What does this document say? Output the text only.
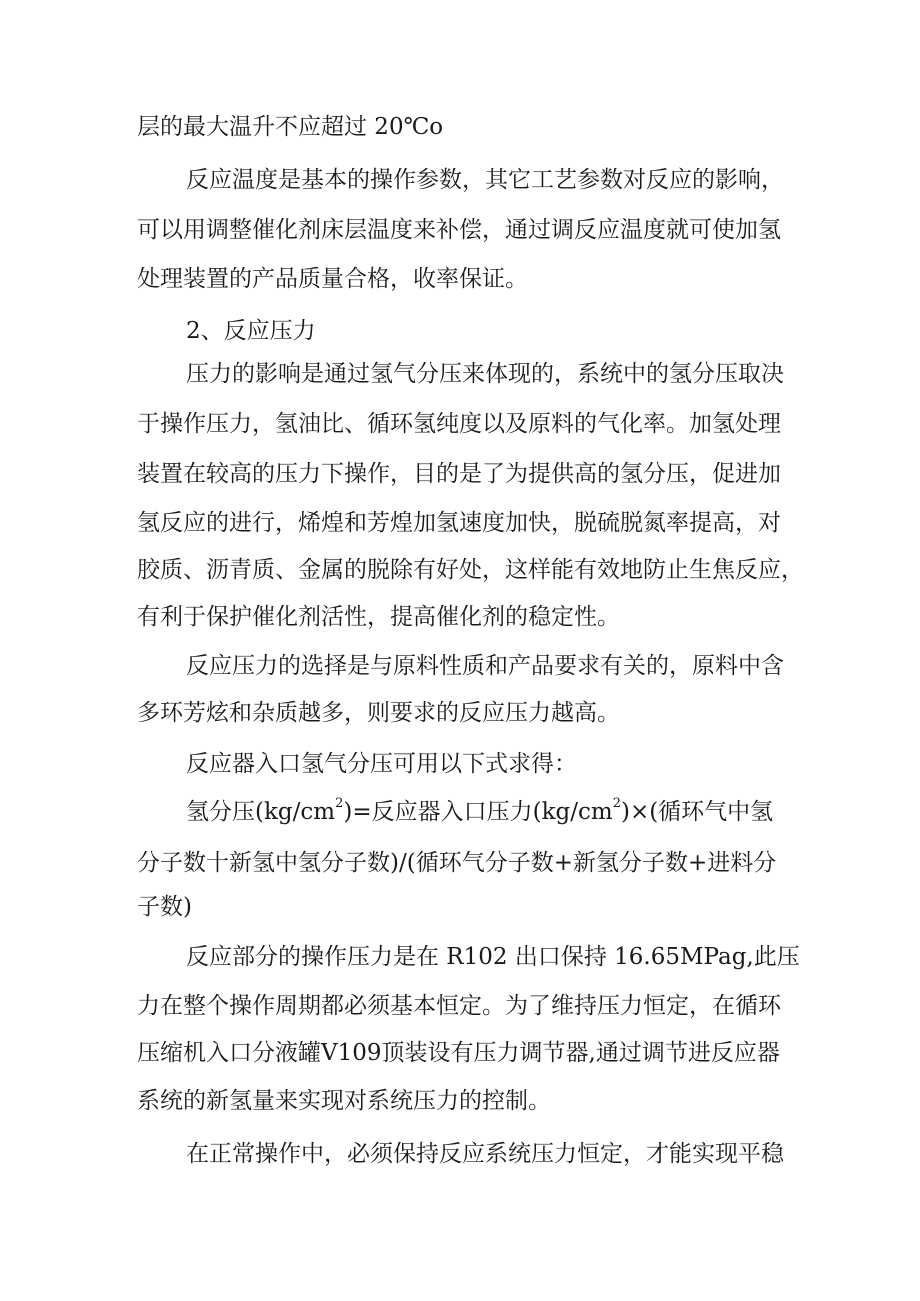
层的最大温升不应超过 20℃o
反应温度是基本的操作参数，其它工艺参数对反应的影响，
可以用调整催化剂床层温度来补偿，通过调反应温度就可使加氢
处理装置的产品质量合格，收率保证。
2、反应压力
压力的影响是通过氢气分压来体现的，系统中的氢分压取决
于操作压力，氢油比、循环氢纯度以及原料的气化率。加氢处理
装置在较高的压力下操作，目的是了为提供高的氢分压，促进加
氢反应的进行，烯煌和芳煌加氢速度加快，脱硫脱氮率提高，对
胶质、沥青质、金属的脱除有好处，这样能有效地防止生焦反应，
有利于保护催化剂活性，提高催化剂的稳定性。
反应压力的选择是与原料性质和产品要求有关的，原料中含
多环芳炫和杂质越多，则要求的反应压力越高。
反应器入口氢气分压可用以下式求得：
氢分压$(kg/cm^2)=$反应器入口压力$(kg/cm^2)\times$(循环气中氢
分子数十新氢中氢分子数)/(循环气分子数+新氢分子数+进料分
子数)
反应部分的操作压力是在 R102 出口保持 16.65MPag,此压
力在整个操作周期都必须基本恒定。为了维持压力恒定，在循环
压缩机入口分液罐V109顶装设有压力调节器,通过调节进反应器
系统的新氢量来实现对系统压力的控制。
在正常操作中，必须保持反应系统压力恒定，才能实现平稳
